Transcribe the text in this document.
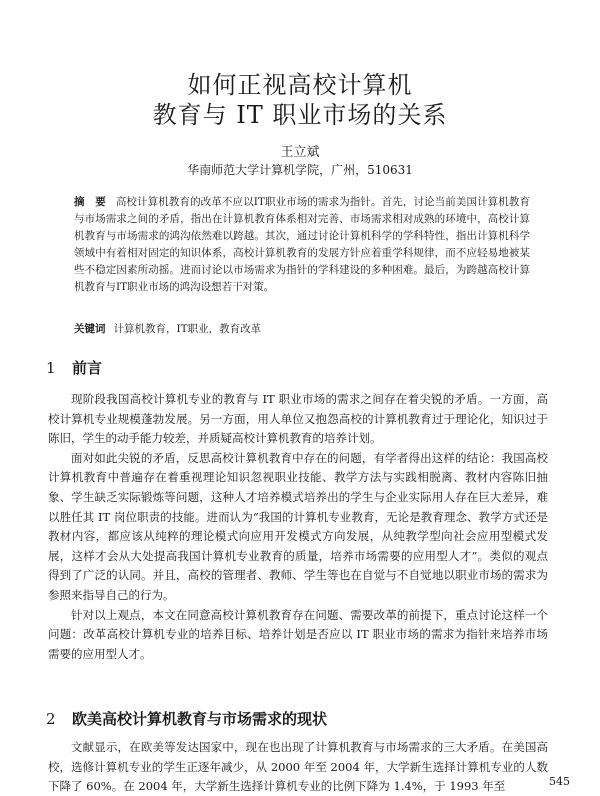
如何正视高校计算机
教育与 IT 职业市场的关系
王立斌
华南师范大学计算机学院，广州，510631
摘　要 高校计算机教育的改革不应以IT职业市场的需求为指针。首先，讨论当前美国计算机教育与市场需求之间的矛盾，指出在计算机教育体系相对完善、市场需求相对成熟的环境中，高校计算机教育与市场需求的鸿沟依然难以跨越。其次，通过讨论计算机科学的学科特性，指出计算机科学领域中有着相对固定的知识体系，高校计算机教育的发展方针应着重学科规律，而不应轻易地被某些不稳定因素所动摇。进而讨论以市场需求为指针的学科建设的多种困难。最后，为跨越高校计算机教育与IT职业市场的鸿沟设想若干对策。
关键词 计算机教育，IT职业，教育改革
1 前言

现阶段我国高校计算机专业的教育与 IT 职业市场的需求之间存在着尖锐的矛盾。一方面，高校计算机专业规模蓬勃发展。另一方面，用人单位又抱怨高校的计算机教育过于理论化，知识过于陈旧，学生的动手能力较差，并质疑高校计算机教育的培养计划。

面对如此尖锐的矛盾，反思高校计算机教育中存在的问题，有学者得出这样的结论：我国高校计算机教育中普遍存在着重视理论知识忽视职业技能、教学方法与实践相脱离、教材内容陈旧抽象、学生缺乏实际锻炼等问题，这种人才培养模式培养出的学生与企业实际用人存在巨大差异，难以胜任其 IT 岗位职责的技能。进而认为“我国的计算机专业教育，无论是教育理念、教学方式还是教材内容，都应该从纯粹的理论模式向应用开发模式方向发展，从纯教学型向社会应用型模式发展，这样才会从大处提高我国计算机专业教育的质量，培养市场需要的应用型人才”。类似的观点得到了广泛的认同。并且，高校的管理者、教师、学生等也在自觉与不自觉地以职业市场的需求为参照来指导自己的行为。

针对以上观点，本文在同意高校计算机教育存在问题、需要改革的前提下，重点讨论这样一个问题：改革高校计算机专业的培养目标、培养计划是否应以 IT 职业市场的需求为指针来培养市场需要的应用型人才。

2 欧美高校计算机教育与市场需求的现状

文献显示，在欧美等发达国家中，现在也出现了计算机教育与市场需求的三大矛盾。在美国高校，选修计算机专业的学生正逐年减少，从 2000 年至 2004 年，大学新生选择计算机专业的人数下降了 60%。在 2004 年，大学新生选择计算机专业的比例下降为 1.4%，于 1993 年至	545
